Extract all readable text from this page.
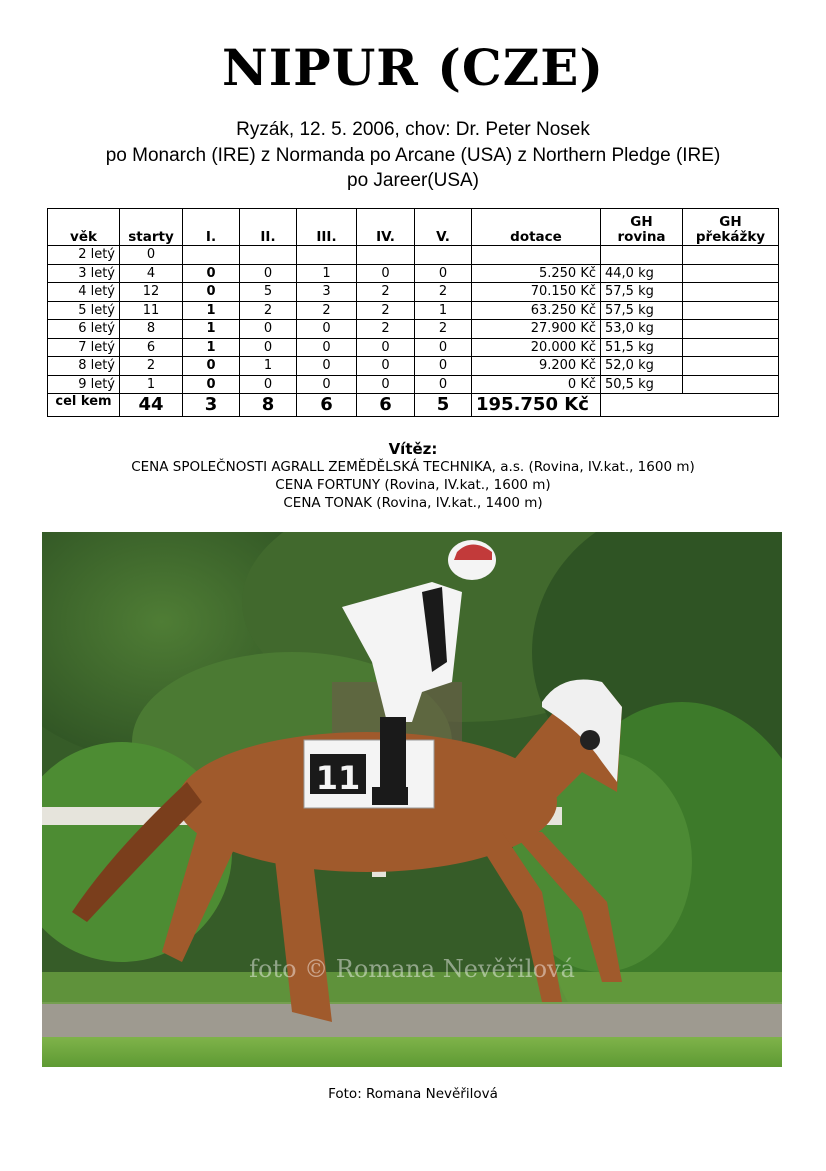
NIPUR (CZE)
Ryzák, 12. 5. 2006, chov: Dr. Peter Nosek
po Monarch (IRE) z Normanda po Arcane (USA) z Northern Pledge (IRE)
po Jareer(USA)
věk	starty	I.	II.	III.	IV.	V.	dotace	GH rovina	GH překážky
2 letý	0								
3 letý	4	0	0	1	0	0	5.250 Kč	44,0 kg	
4 letý	12	0	5	3	2	2	70.150 Kč	57,5 kg	
5 letý	11	1	2	2	2	1	63.250 Kč	57,5 kg	
6 letý	8	1	0	0	2	2	27.900 Kč	53,0 kg	
7 letý	6	1	0	0	0	0	20.000 Kč	51,5 kg	
8 letý	2	0	1	0	0	0	9.200 Kč	52,0 kg	
9 letý	1	0	0	0	0	0	0 Kč	50,5 kg	
cel kem	44	3	8	6	6	5	195.750 Kč		
Vítěz:
CENA SPOLEČNOSTI AGRALL ZEMĚDĚLSKÁ TECHNIKA, a.s. (Rovina, IV.kat., 1600 m)
CENA FORTUNY (Rovina, IV.kat., 1600 m)
CENA TONAK (Rovina, IV.kat., 1400 m)
11
foto © Romana Nevěřilová
Foto: Romana Nevěřilová
